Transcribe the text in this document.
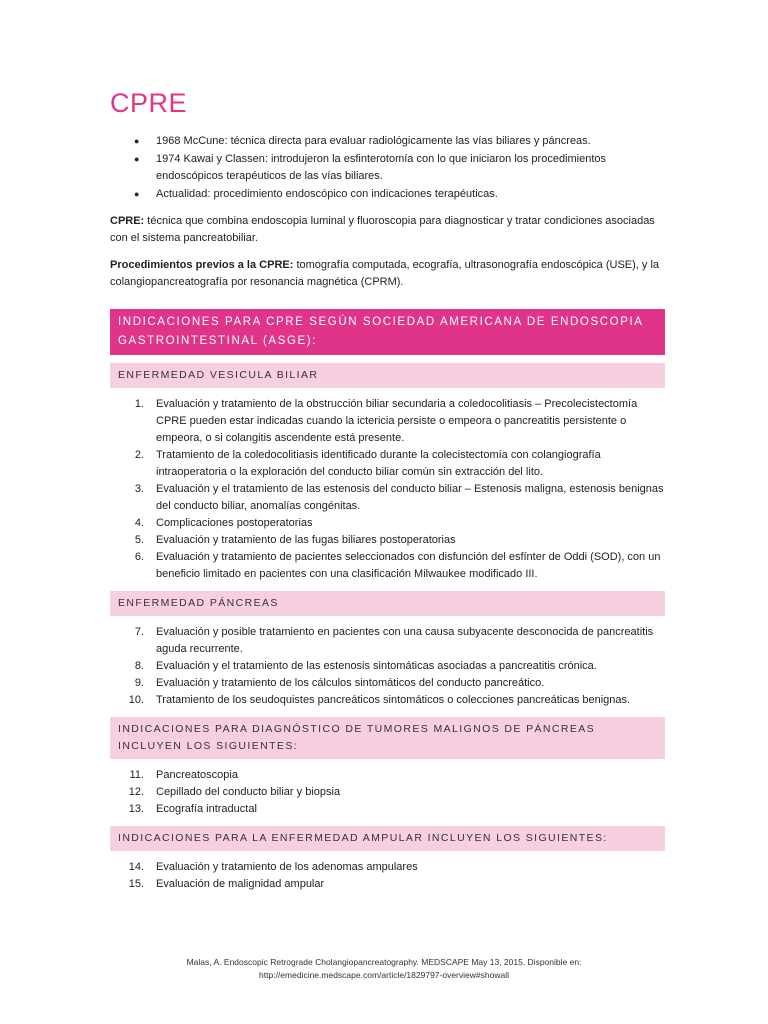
CPRE
● 1968 McCune: técnica directa para evaluar radiológicamente las vías biliares y páncreas.
● 1974 Kawai y Classen: introdujeron la esfinterotomía con lo que iniciaron los procedimientos endoscópicos terapéuticos de las vías biliares.
● Actualidad: procedimiento endoscópico con indicaciones terapéuticas.

CPRE: técnica que combina endoscopia luminal y fluoroscopia para diagnosticar y tratar condiciones asociadas con el sistema pancreatobiliar.

Procedimientos previos a la CPRE: tomografía computada, ecografía, ultrasonografía endoscópica (USE), y la colangiopancreatografía por resonancia magnética (CPRM).

INDICACIONES PARA CPRE SEGÚN SOCIEDAD AMERICANA DE ENDOSCOPIA GASTROINTESTINAL (ASGE):
ENFERMEDAD VESICULA BILIAR
1. Evaluación y tratamiento de la obstrucción biliar secundaria a coledocolitiasis – Precolecistectomía CPRE pueden estar indicadas cuando la ictericia persiste o empeora o pancreatitis persistente o empeora, o si colangitis ascendente está presente.
2. Tratamiento de la coledocolitiasis identificado durante la colecistectomía con colangiografía intraoperatoria o la exploración del conducto biliar común sin extracción del lito.
3. Evaluación y el tratamiento de las estenosis del conducto biliar – Estenosis maligna, estenosis benignas del conducto biliar, anomalías congénitas.
4. Complicaciones postoperatorias
5. Evaluación y tratamiento de las fugas biliares postoperatorias
6. Evaluación y tratamiento de pacientes seleccionados con disfunción del esfínter de Oddi (SOD), con un beneficio limitado en pacientes con una clasificación Milwaukee modificado III.
ENFERMEDAD PÁNCREAS
7. Evaluación y posible tratamiento en pacientes con una causa subyacente desconocida de pancreatitis aguda recurrente.
8. Evaluación y el tratamiento de las estenosis sintomáticas asociadas a pancreatitis crónica.
9. Evaluación y tratamiento de los cálculos sintomáticos del conducto pancreático.
10. Tratamiento de los seudoquistes pancreáticos sintomáticos o colecciones pancreáticas benignas.
INDICACIONES PARA DIAGNÓSTICO DE TUMORES MALIGNOS DE PÁNCREAS INCLUYEN LOS SIGUIENTES:
11. Pancreatoscopia
12. Cepillado del conducto biliar y biopsia
13. Ecografía intraductal
INDICACIONES PARA LA ENFERMEDAD AMPULAR INCLUYEN LOS SIGUIENTES:
14. Evaluación y tratamiento de los adenomas ampulares
15. Evaluación de malignidad ampular
Malas, A. Endoscopic Retrograde Cholangiopancreatography. MEDSCAPE May 13, 2015. Disponible en:
http://emedicine.medscape.com/article/1829797-overview#showall
